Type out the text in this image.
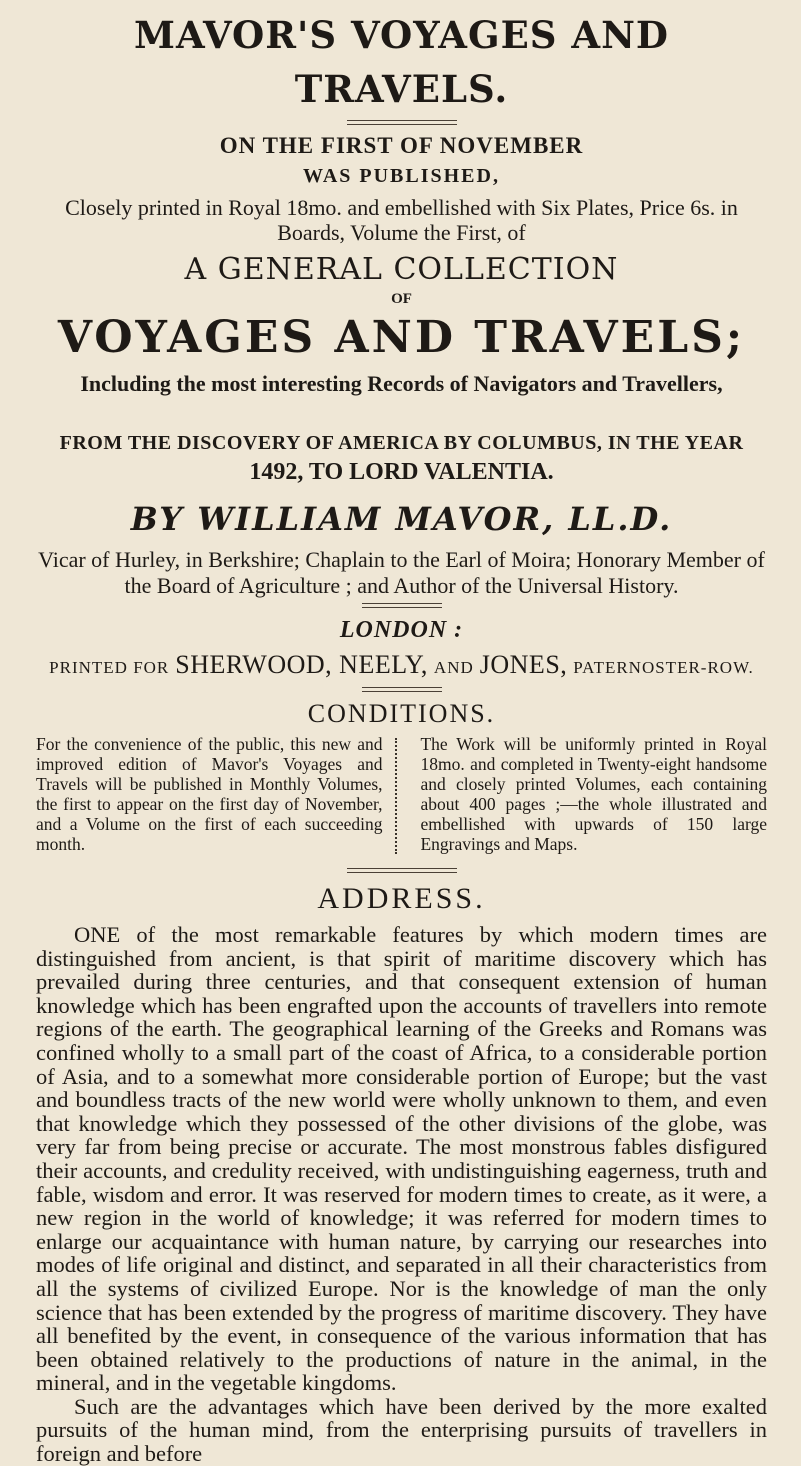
MAVOR'S VOYAGES AND TRAVELS.

ON THE FIRST OF NOVEMBER

WAS PUBLISHED,

Closely printed in Royal 18mo. and embellished with Six Plates, Price 6s. in Boards, Volume the First, of

A GENERAL COLLECTION

OF

VOYAGES AND TRAVELS;

Including the most interesting Records of Navigators and Travellers,

FROM THE DISCOVERY OF AMERICA BY COLUMBUS, IN THE YEAR

1492, TO LORD VALENTIA.

BY WILLIAM MAVOR, LL.D.

Vicar of Hurley, in Berkshire; Chaplain to the Earl of Moira; Honorary Member of the Board of Agriculture ; and Author of the Universal History.

LONDON :

PRINTED FOR SHERWOOD, NEELY, AND JONES, PATERNOSTER-ROW.

CONDITIONS.

For the convenience of the public, this new and improved edition of Mavor's Voyages and Travels will be published in Monthly Volumes, the first to appear on the first day of November, and a Volume on the first of each succeeding month.

The Work will be uniformly printed in Royal 18mo. and completed in Twenty-eight handsome and closely printed Volumes, each containing about 400 pages ;—the whole illustrated and embellished with upwards of 150 large Engravings and Maps.

ADDRESS.

ONE of the most remarkable features by which modern times are distinguished from ancient, is that spirit of maritime discovery which has prevailed during three centuries, and that consequent extension of human knowledge which has been engrafted upon the accounts of travellers into remote regions of the earth. The geographical learning of the Greeks and Romans was confined wholly to a small part of the coast of Africa, to a considerable portion of Asia, and to a somewhat more considerable portion of Europe; but the vast and boundless tracts of the new world were wholly unknown to them, and even that knowledge which they possessed of the other divisions of the globe, was very far from being precise or accurate. The most monstrous fables disfigured their accounts, and credulity received, with undistinguishing eagerness, truth and fable, wisdom and error. It was reserved for modern times to create, as it were, a new region in the world of knowledge; it was referred for modern times to enlarge our acquaintance with human nature, by carrying our researches into modes of life original and distinct, and separated in all their characteristics from all the systems of civilized Europe. Nor is the knowledge of man the only science that has been extended by the progress of maritime discovery. They have all benefited by the event, in consequence of the various information that has been obtained relatively to the productions of nature in the animal, in the mineral, and in the vegetable kingdoms.

Such are the advantages which have been derived by the more exalted pursuits of the human mind, from the enterprising pursuits of travellers in foreign and before
